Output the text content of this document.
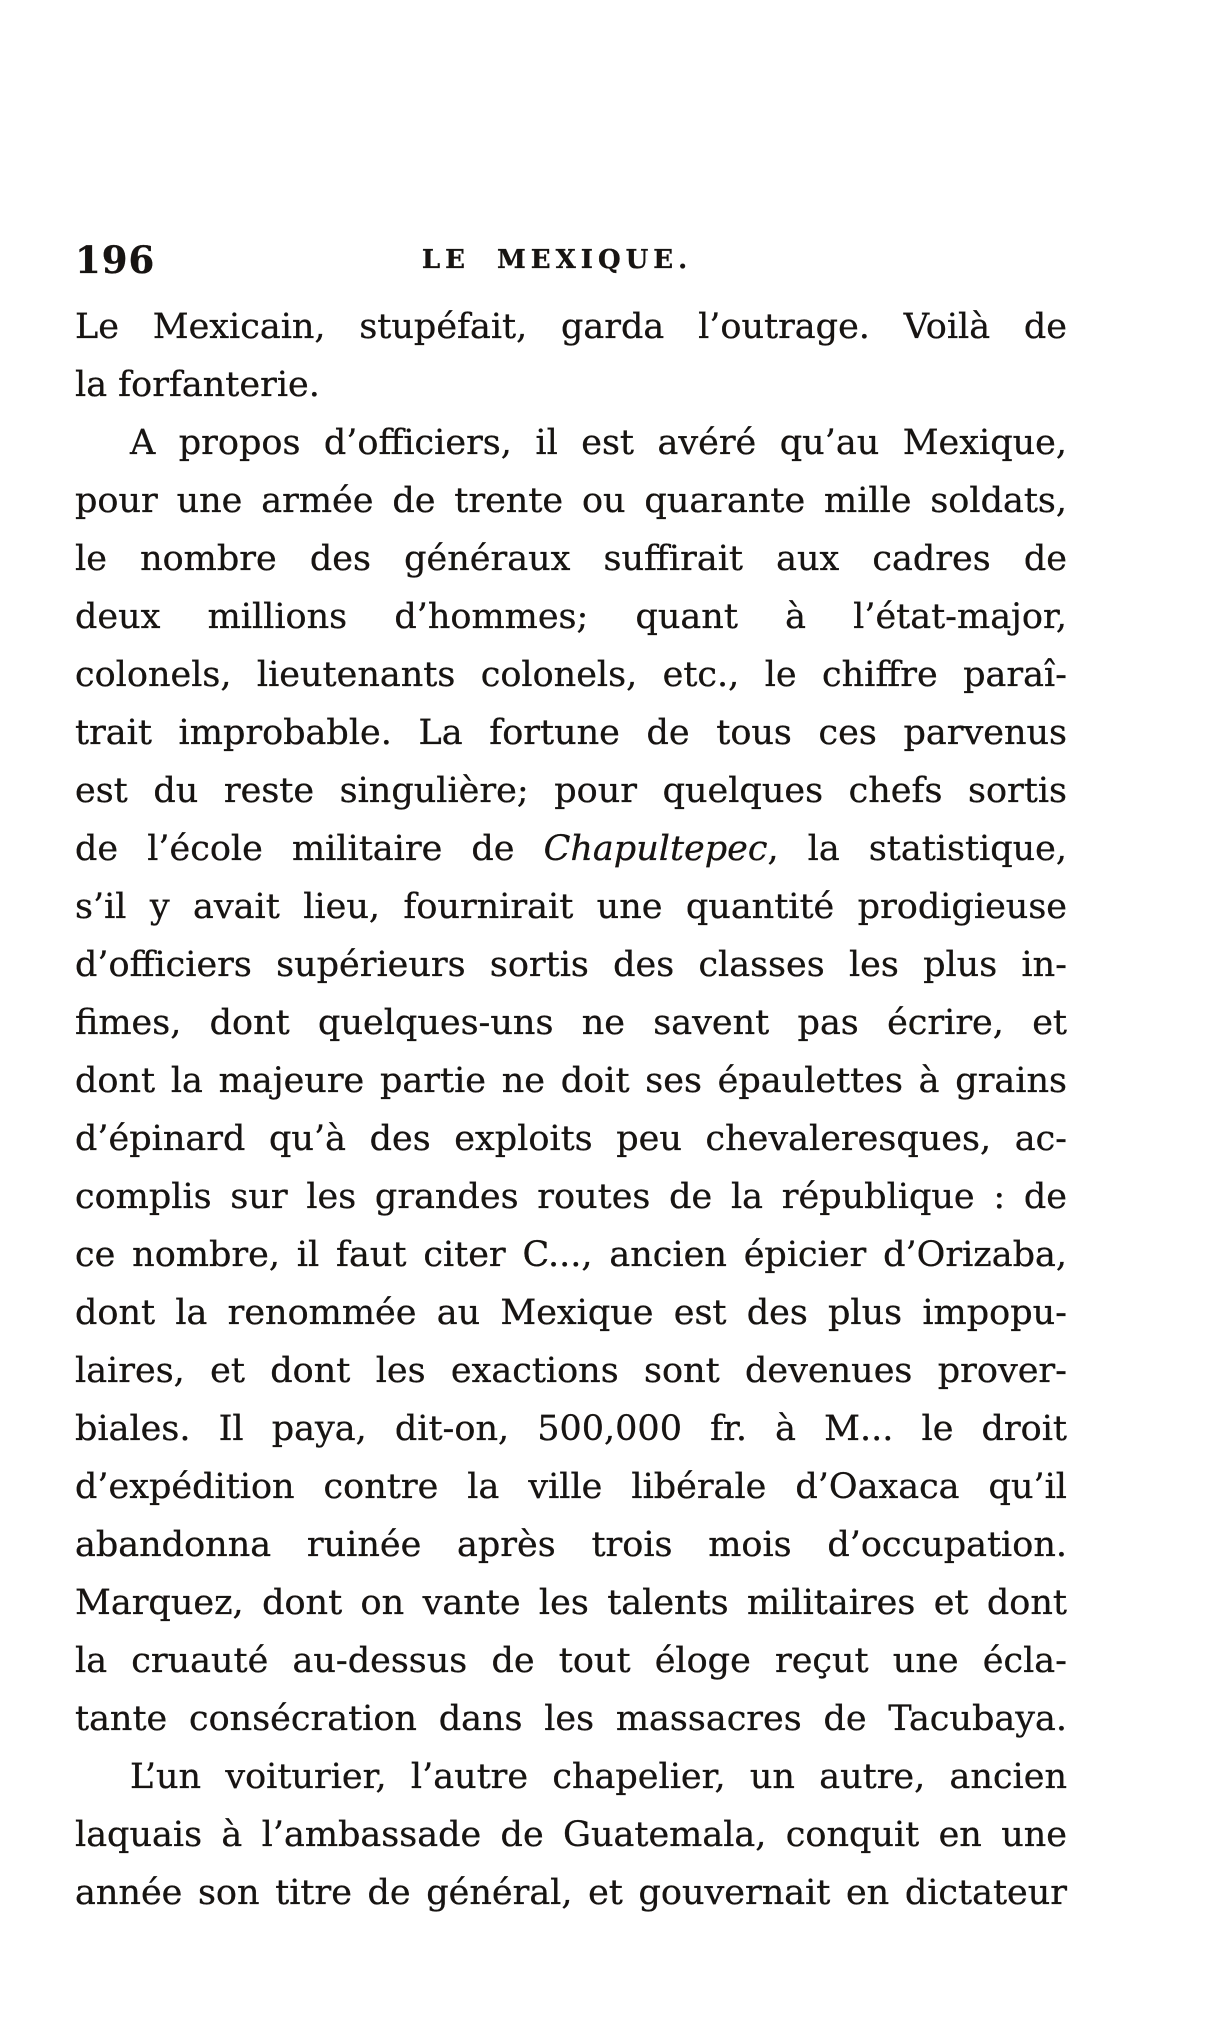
196	LE MEXIQUE.
Le Mexicain, stupéfait, garda l’outrage. Voilà de
la forfanterie.
A propos d’officiers, il est avéré qu’au Mexique,
pour une armée de trente ou quarante mille soldats,
le nombre des généraux suffirait aux cadres de
deux millions d’hommes; quant à l’état-major,
colonels, lieutenants colonels, etc., le chiffre paraî-
trait improbable. La fortune de tous ces parvenus
est du reste singulière; pour quelques chefs sortis
de l’école militaire de Chapultepec, la statistique,
s’il y avait lieu, fournirait une quantité prodigieuse
d’officiers supérieurs sortis des classes les plus in-
fimes, dont quelques-uns ne savent pas écrire, et
dont la majeure partie ne doit ses épaulettes à grains
d’épinard qu’à des exploits peu chevaleresques, ac-
complis sur les grandes routes de la république : de
ce nombre, il faut citer C..., ancien épicier d’Orizaba,
dont la renommée au Mexique est des plus impopu-
laires, et dont les exactions sont devenues prover-
biales. Il paya, dit-on, 500,000 fr. à M... le droit
d’expédition contre la ville libérale d’Oaxaca qu’il
abandonna ruinée après trois mois d’occupation.
Marquez, dont on vante les talents militaires et dont
la cruauté au-dessus de tout éloge reçut une écla-
tante consécration dans les massacres de Tacubaya.
L’un voiturier, l’autre chapelier, un autre, ancien
laquais à l’ambassade de Guatemala, conquit en une
année son titre de général, et gouvernait en dictateur
